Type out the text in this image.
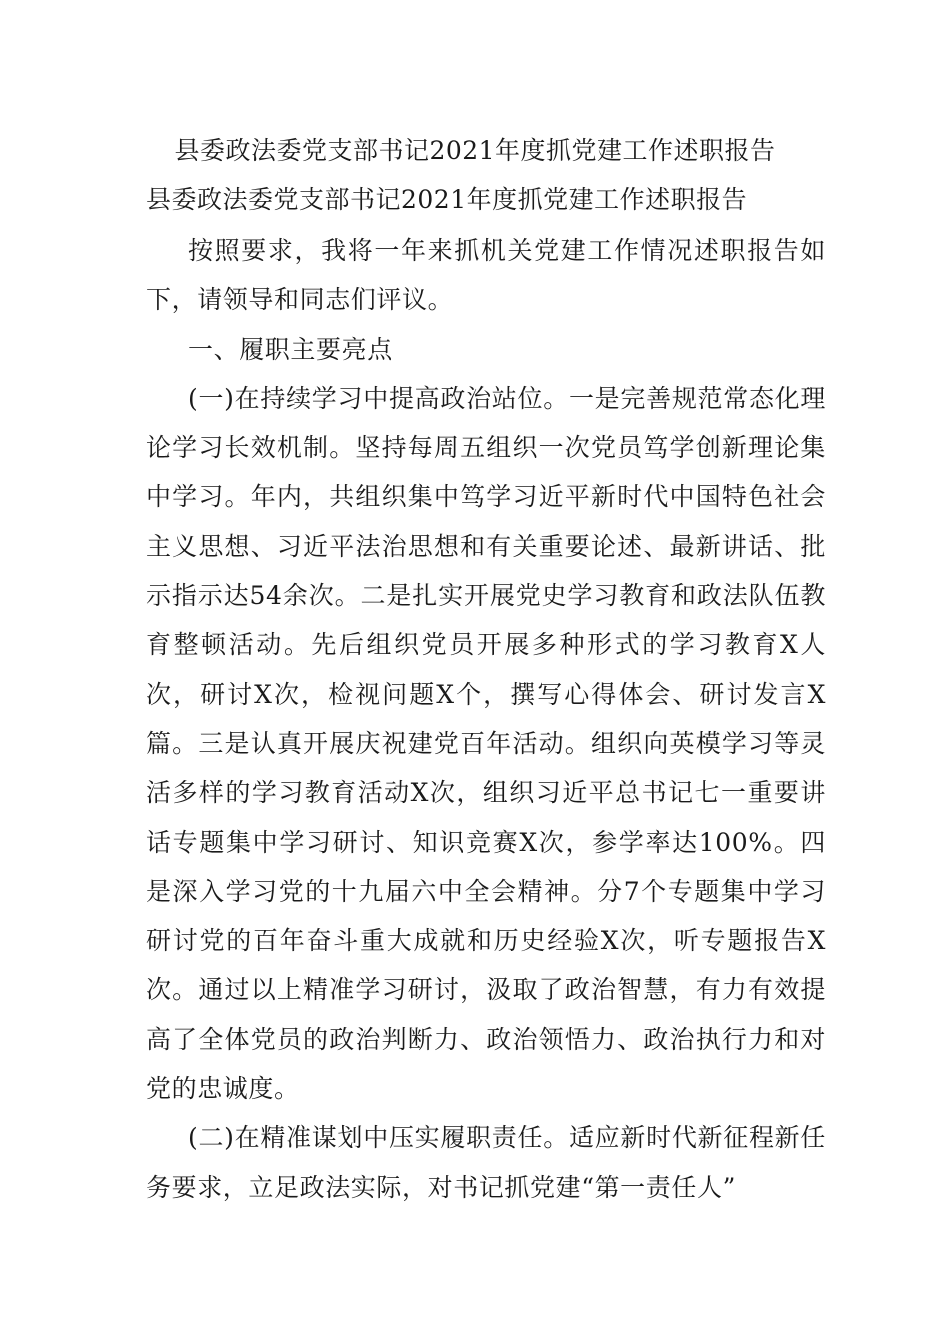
县委政法委党支部书记2021年度抓党建工作述职报告
县委政法委党支部书记2021年度抓党建工作述职报告

按照要求，我将一年来抓机关党建工作情况述职报告如下，请领导和同志们评议。

一、履职主要亮点

(一)在持续学习中提高政治站位。一是完善规范常态化理论学习长效机制。坚持每周五组织一次党员笃学创新理论集中学习。年内，共组织集中笃学习近平新时代中国特色社会主义思想、习近平法治思想和有关重要论述、最新讲话、批示指示达54余次。二是扎实开展党史学习教育和政法队伍教育整顿活动。先后组织党员开展多种形式的学习教育X人次，研讨X次，检视问题X个，撰写心得体会、研讨发言X篇。三是认真开展庆祝建党百年活动。组织向英模学习等灵活多样的学习教育活动X次，组织习近平总书记七一重要讲话专题集中学习研讨、知识竞赛X次，参学率达100%。四是深入学习党的十九届六中全会精神。分7个专题集中学习研讨党的百年奋斗重大成就和历史经验X次，听专题报告X次。通过以上精准学习研讨，汲取了政治智慧，有力有效提高了全体党员的政治判断力、政治领悟力、政治执行力和对党的忠诚度。

(二)在精准谋划中压实履职责任。适应新时代新征程新任务要求，立足政法实际，对书记抓党建“第一责任人”
